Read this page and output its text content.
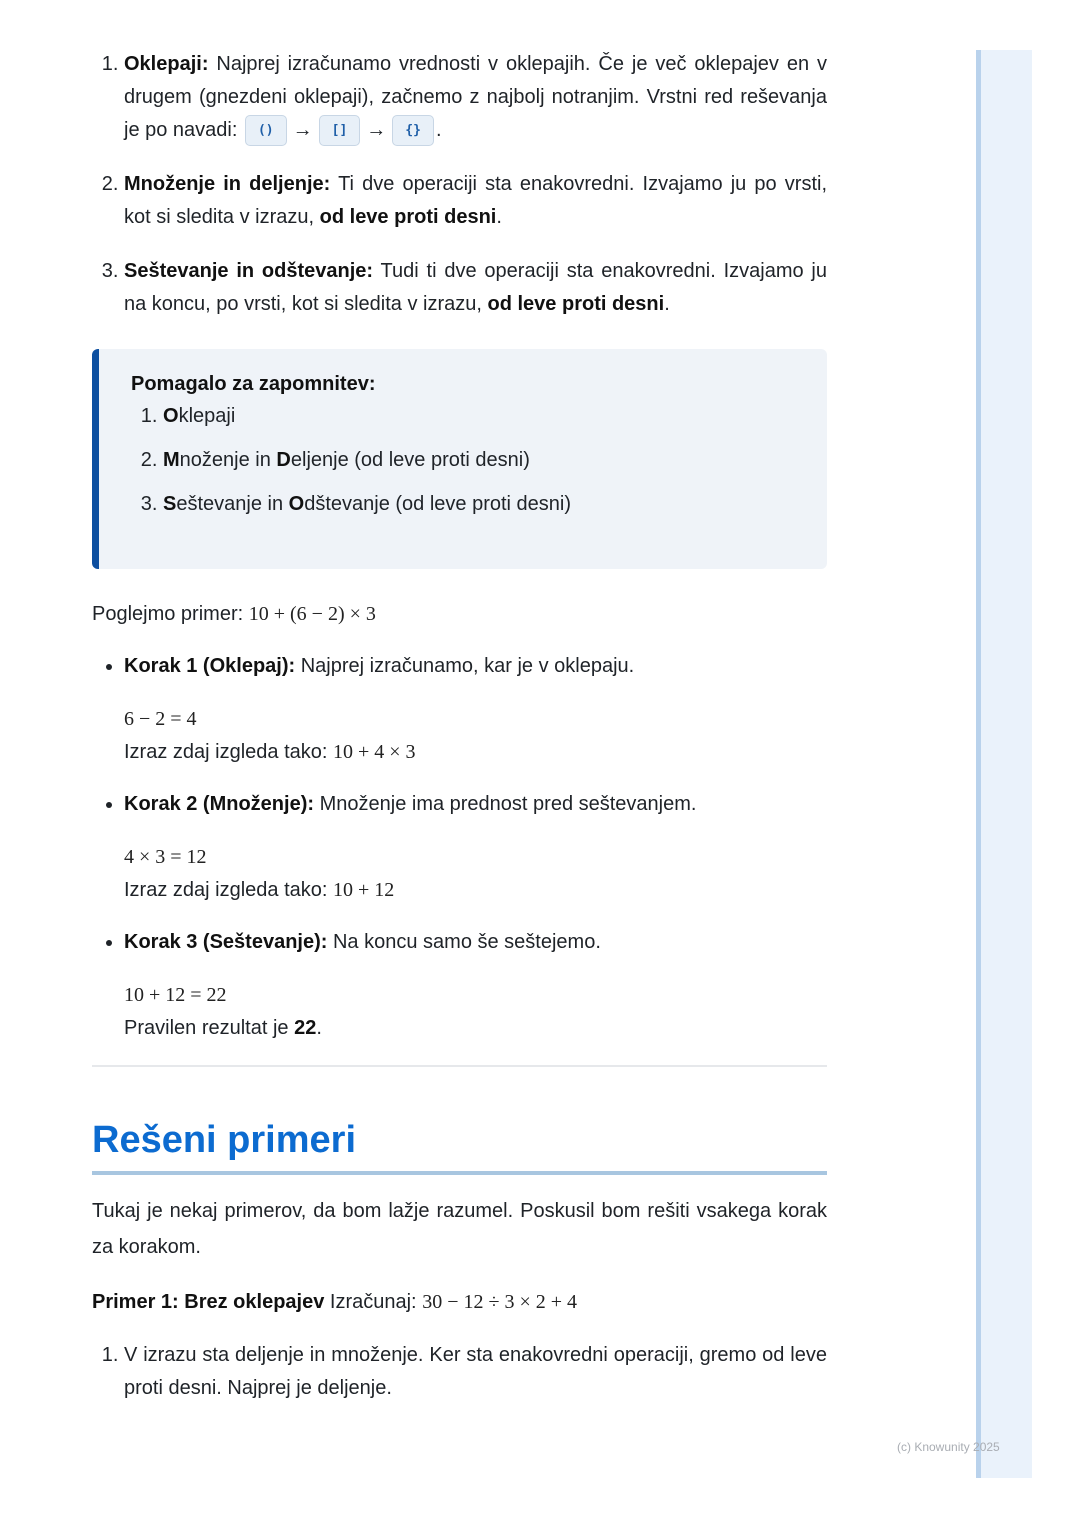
1. Oklepaji: Najprej izračunamo vrednosti v oklepajih. Če je več oklepajev en v drugem (gnezdeni oklepaji), začnemo z najbolj notranjim. Vrstni red reševanja je po navadi: () → [] → {} .
2. Množenje in deljenje: Ti dve operaciji sta enakovredni. Izvajamo ju po vrsti, kot si sledita v izrazu, od leve proti desni.
3. Seštevanje in odštevanje: Tudi ti dve operaciji sta enakovredni. Izvajamo ju na koncu, po vrsti, kot si sledita v izrazu, od leve proti desni.
Pomagalo za zapomnitev:
1. Oklepaji
2. Množenje in Deljenje (od leve proti desni)
3. Seštevanje in Odštevanje (od leve proti desni)
Poglejmo primer: 10 + (6 − 2) × 3
• Korak 1 (Oklepaj): Najprej izračunamo, kar je v oklepaju.
6 − 2 = 4
Izraz zdaj izgleda tako: 10 + 4 × 3
• Korak 2 (Množenje): Množenje ima prednost pred seštevanjem.
4 × 3 = 12
Izraz zdaj izgleda tako: 10 + 12
• Korak 3 (Seštevanje): Na koncu samo še seštejemo.
10 + 12 = 22
Pravilen rezultat je 22.
Rešeni primeri
Tukaj je nekaj primerov, da bom lažje razumel. Poskusil bom rešiti vsakega korak za korakom.
Primer 1: Brez oklepajev Izračunaj: 30 − 12 ÷ 3 × 2 + 4
1. V izrazu sta deljenje in množenje. Ker sta enakovredni operaciji, gremo od leve proti desni. Najprej je deljenje.
(c) Knowunity 2025
